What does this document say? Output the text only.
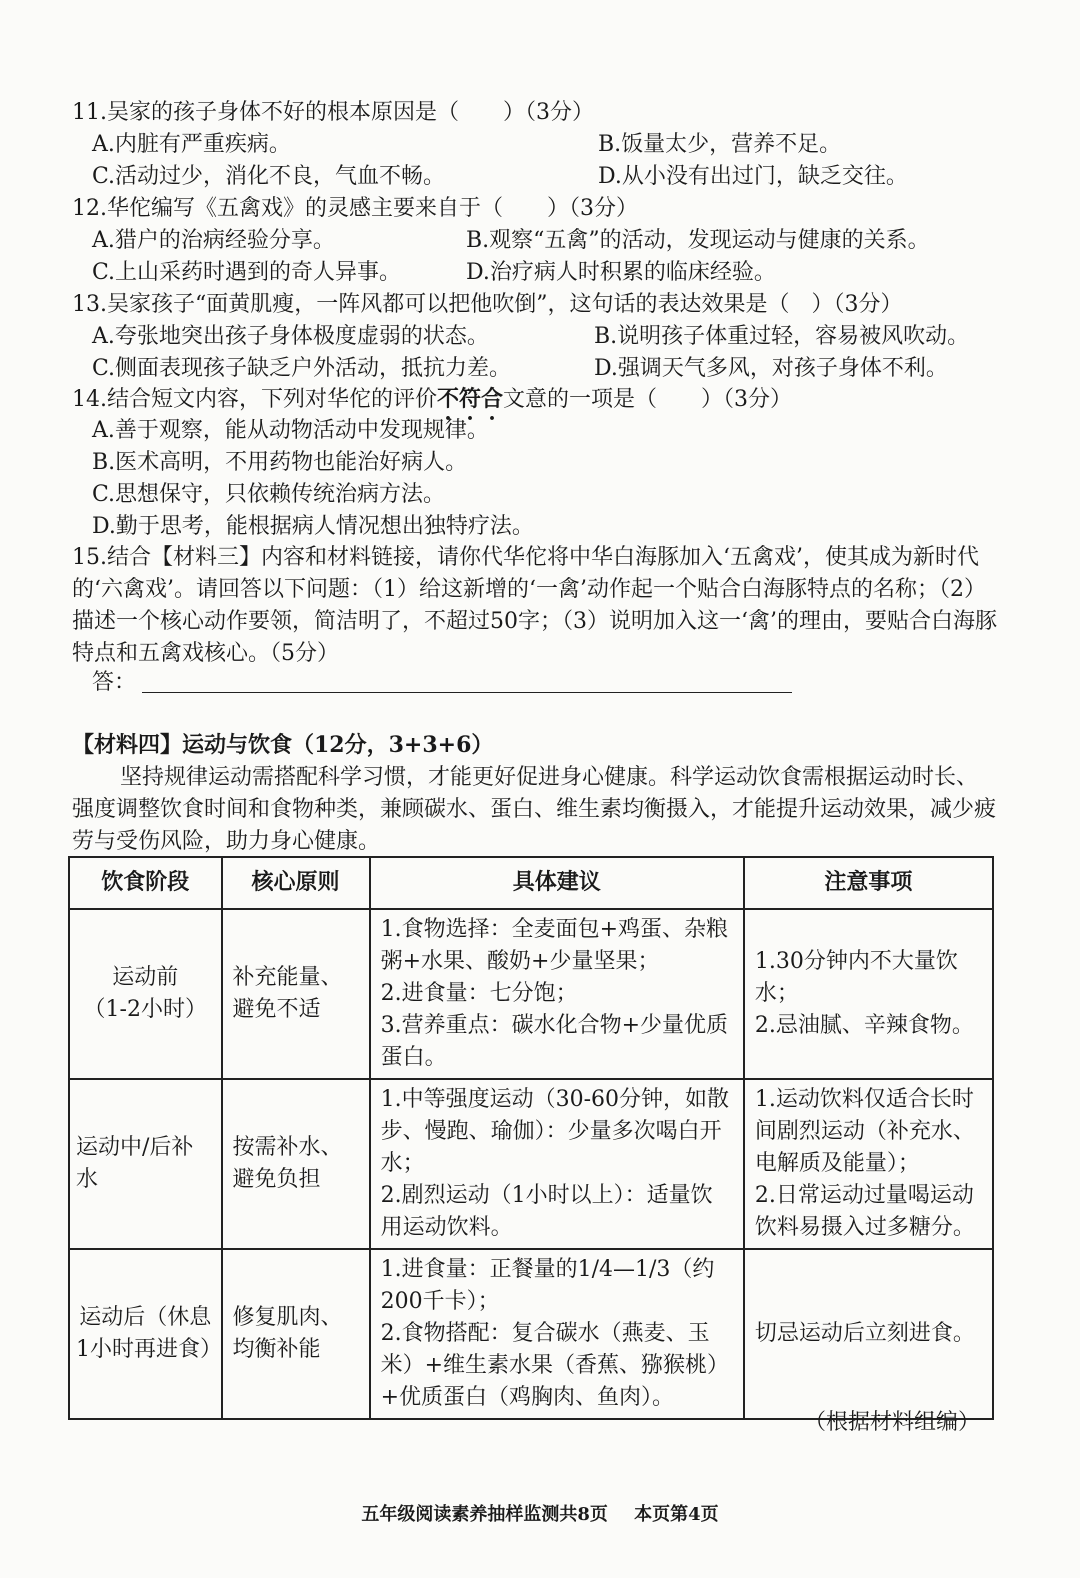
11.吴家的孩子身体不好的根本原因是（　　）（3分）
A.内脏有严重疾病。	B.饭量太少，营养不足。
C.活动过少，消化不良，气血不畅。	D.从小没有出过门，缺乏交往。
12.华佗编写《五禽戏》的灵感主要来自于（　　）（3分）
A.猎户的治病经验分享。	B.观察“五禽”的活动，发现运动与健康的关系。
C.上山采药时遇到的奇人异事。	D.治疗病人时积累的临床经验。
13.吴家孩子“面黄肌瘦，一阵风都可以把他吹倒”，这句话的表达效果是（　）（3分）
A.夸张地突出孩子身体极度虚弱的状态。	B.说明孩子体重过轻，容易被风吹动。
C.侧面表现孩子缺乏户外活动，抵抗力差。	D.强调天气多风，对孩子身体不利。
14.结合短文内容，下列对华佗的评价不符合文意的一项是（　　）（3分）
A.善于观察，能从动物活动中发现规律。
B.医术高明，不用药物也能治好病人。
C.思想保守，只依赖传统治病方法。
D.勤于思考，能根据病人情况想出独特疗法。
15.结合【材料三】内容和材料链接，请你代华佗将中华白海豚加入‘五禽戏’，使其成为新时代的‘六禽戏’。请回答以下问题：（1）给这新增的‘一禽’动作起一个贴合白海豚特点的名称；（2）描述一个核心动作要领，简洁明了，不超过50字；（3）说明加入这一‘禽’的理由，要贴合白海豚特点和五禽戏核心。（5分）
答：
【材料四】运动与饮食（12分，3+3+6）
坚持规律运动需搭配科学习惯，才能更好促进身心健康。科学运动饮食需根据运动时长、强度调整饮食时间和食物种类，兼顾碳水、蛋白、维生素均衡摄入，才能提升运动效果，减少疲劳与受伤风险，助力身心健康。
饮食阶段	核心原则	具体建议	注意事项

运动前
（1-2小时）	补充能量、避免不适	1.食物选择：全麦面包+鸡蛋、杂粮粥+水果、酸奶+少量坚果；
2.进食量：七分饱；
3.营养重点：碳水化合物+少量优质蛋白。	1.30分钟内不大量饮水；
2.忌油腻、辛辣食物。

运动中/后补水	按需补水、避免负担	1.中等强度运动（30-60分钟，如散步、慢跑、瑜伽）：少量多次喝白开水；
2.剧烈运动（1小时以上）：适量饮用运动饮料。	1.运动饮料仅适合长时间剧烈运动（补充水、电解质及能量）；
2.日常运动过量喝运动饮料易摄入过多糖分。

运动后（休息1小时再进食）	修复肌肉、均衡补能	1.进食量：正餐量的1/4—1/3（约200千卡）；
2.食物搭配：复合碳水（燕麦、玉米）+维生素水果（香蕉、猕猴桃）+优质蛋白（鸡胸肉、鱼肉）。	切忌运动后立刻进食。
（根据材料组编）
五年级阅读素养抽样监测共8页 本页第4页
